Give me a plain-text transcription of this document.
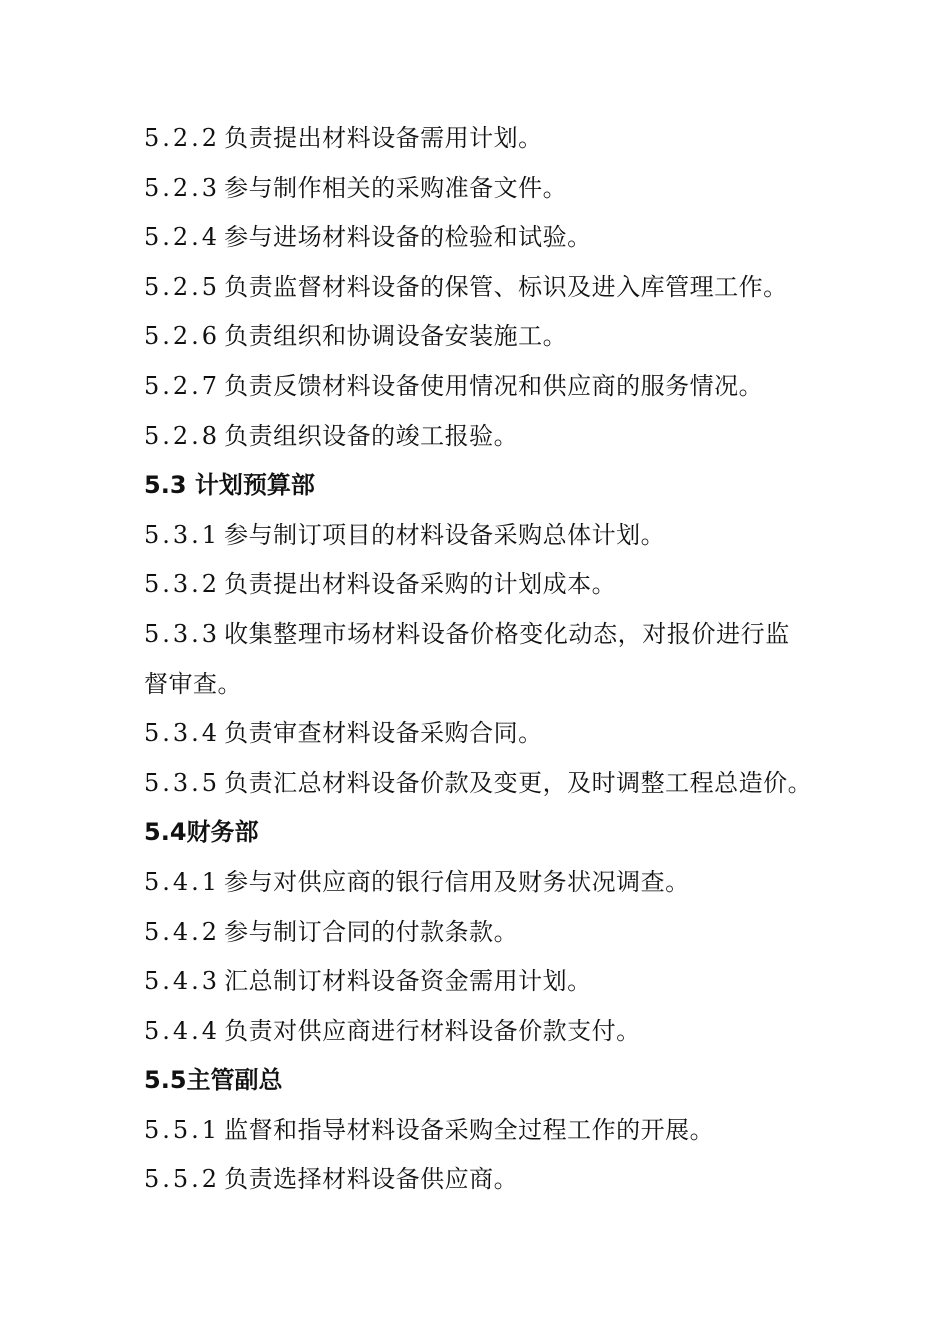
5.2.2 负责提出材料设备需用计划。
5.2.3 参与制作相关的采购准备文件。
5.2.4 参与进场材料设备的检验和试验。
5.2.5 负责监督材料设备的保管、标识及进入库管理工作。
5.2.6 负责组织和协调设备安装施工。
5.2.7 负责反馈材料设备使用情况和供应商的服务情况。
5.2.8 负责组织设备的竣工报验。
5.3 计划预算部
5.3.1 参与制订项目的材料设备采购总体计划。
5.3.2 负责提出材料设备采购的计划成本。
5.3.3 收集整理市场材料设备价格变化动态，对报价进行监
督审查。
5.3.4 负责审查材料设备采购合同。
5.3.5 负责汇总材料设备价款及变更，及时调整工程总造价。
5.4财务部
5.4.1 参与对供应商的银行信用及财务状况调查。
5.4.2 参与制订合同的付款条款。
5.4.3 汇总制订材料设备资金需用计划。
5.4.4 负责对供应商进行材料设备价款支付。
5.5主管副总
5.5.1 监督和指导材料设备采购全过程工作的开展。
5.5.2 负责选择材料设备供应商。
